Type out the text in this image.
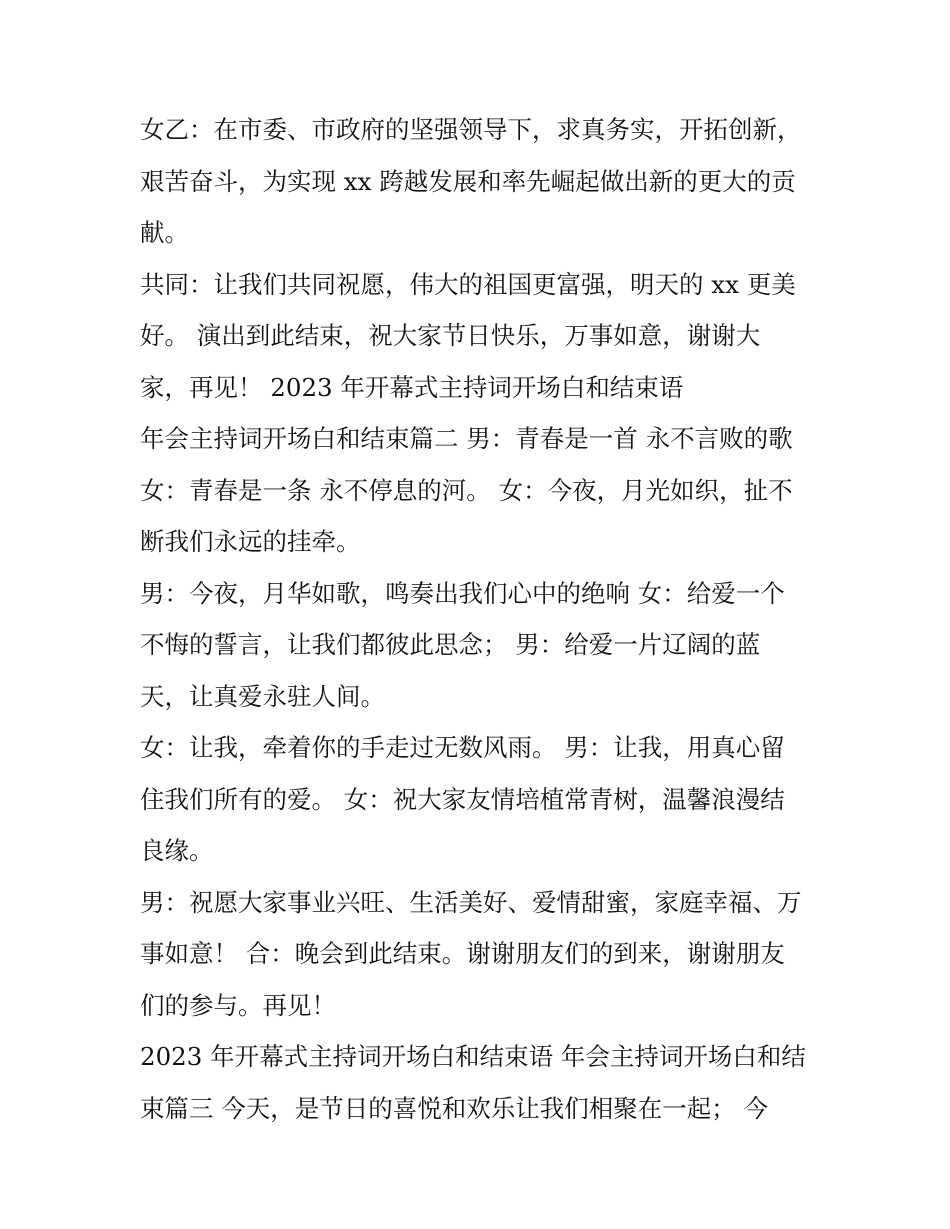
女乙：在市委、市政府的坚强领导下，求真务实，开拓创新，
艰苦奋斗，为实现 xx 跨越发展和率先崛起做出新的更大的贡
献。
共同：让我们共同祝愿，伟大的祖国更富强，明天的 xx 更美
好。 演出到此结束，祝大家节日快乐，万事如意，谢谢大
家，再见！ 2023 年开幕式主持词开场白和结束语
年会主持词开场白和结束篇二 男：青春是一首 永不言败的歌
女：青春是一条 永不停息的河。 女：今夜，月光如织，扯不
断我们永远的挂牵。
男：今夜，月华如歌，鸣奏出我们心中的绝响 女：给爱一个
不悔的誓言，让我们都彼此思念； 男：给爱一片辽阔的蓝
天，让真爱永驻人间。
女：让我，牵着你的手走过无数风雨。 男：让我，用真心留
住我们所有的爱。 女：祝大家友情培植常青树，温馨浪漫结
良缘。
男：祝愿大家事业兴旺、生活美好、爱情甜蜜，家庭幸福、万
事如意！ 合：晚会到此结束。谢谢朋友们的到来，谢谢朋友
们的参与。再见！
2023 年开幕式主持词开场白和结束语 年会主持词开场白和结
束篇三 今天，是节日的喜悦和欢乐让我们相聚在一起； 今
